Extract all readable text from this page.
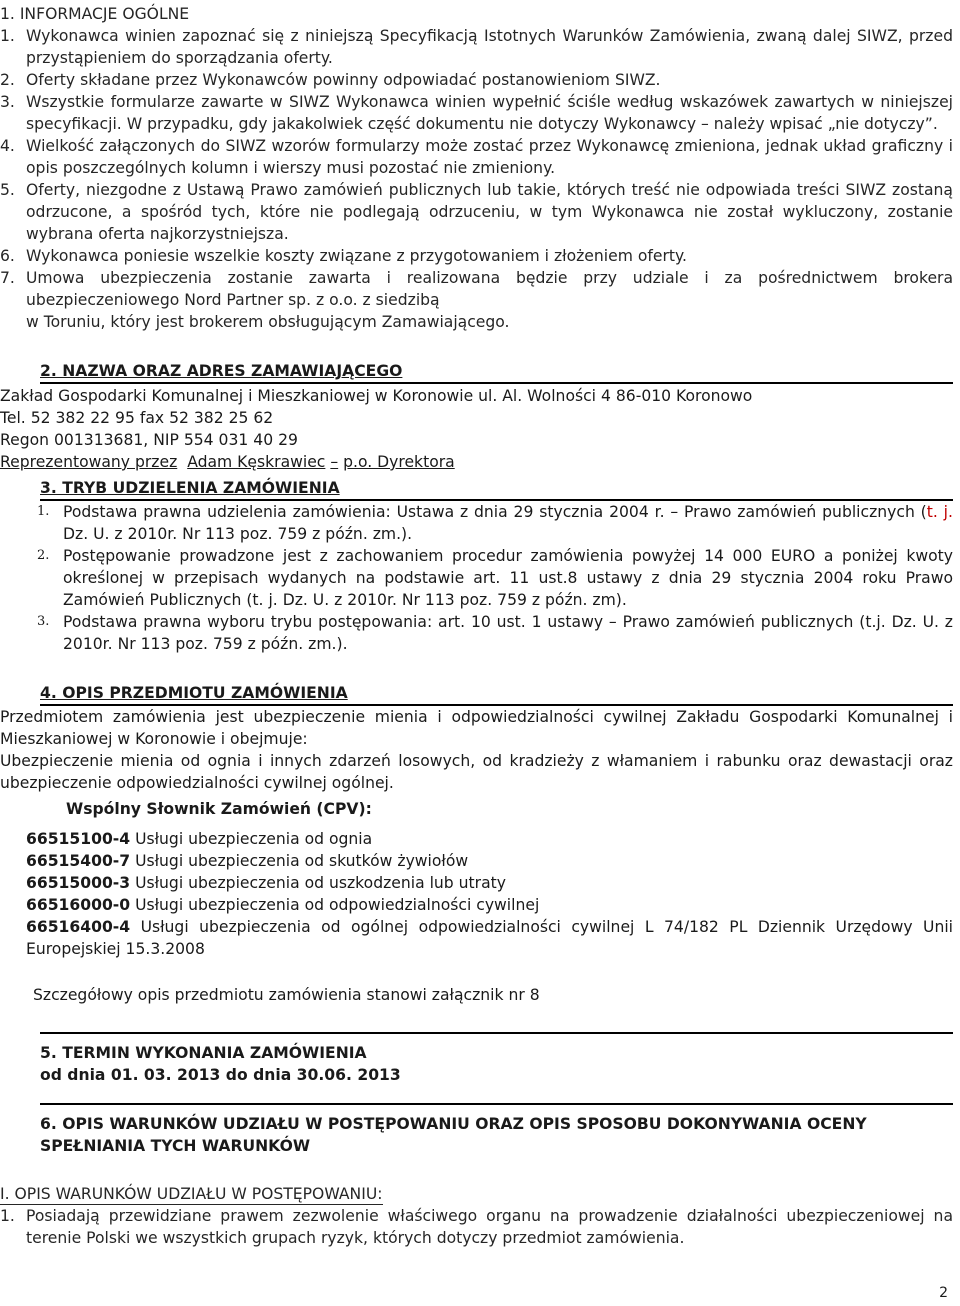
1. INFORMACJE OGÓLNE
1. Wykonawca winien zapoznać się z niniejszą Specyfikacją Istotnych Warunków Zamówienia, zwaną dalej SIWZ, przed przystąpieniem do sporządzania oferty.
2. Oferty składane przez Wykonawców powinny odpowiadać postanowieniom SIWZ.
3. Wszystkie formularze zawarte w SIWZ Wykonawca winien wypełnić ściśle według wskazówek zawartych w niniejszej specyfikacji. W przypadku, gdy jakakolwiek część dokumentu nie dotyczy Wykonawcy – należy wpisać „nie dotyczy”.
4. Wielkość załączonych do SIWZ wzorów formularzy może zostać przez Wykonawcę zmieniona, jednak układ graficzny i opis poszczególnych kolumn i wierszy musi pozostać nie zmieniony.
5. Oferty, niezgodne z Ustawą Prawo zamówień publicznych lub takie, których treść nie odpowiada treści SIWZ zostaną odrzucone, a spośród tych, które nie podlegają odrzuceniu, w tym Wykonawca nie został wykluczony, zostanie wybrana oferta najkorzystniejsza.
6. Wykonawca poniesie wszelkie koszty związane z przygotowaniem i złożeniem oferty.
7. Umowa ubezpieczenia zostanie zawarta i realizowana będzie przy udziale i za pośrednictwem brokera ubezpieczeniowego Nord Partner sp. z o.o. z siedzibą
w Toruniu, który jest brokerem obsługującym Zamawiającego.
2. NAZWA ORAZ ADRES ZAMAWIAJĄCEGO
Zakład Gospodarki Komunalnej i Mieszkaniowej w Koronowie ul. Al. Wolności 4 86-010 Koronowo
Tel. 52 382 22 95 fax 52 382 25 62
Regon 001313681, NIP 554 031 40 29
Reprezentowany przez Adam Kęskrawiec – p.o. Dyrektora
3. TRYB UDZIELENIA ZAMÓWIENIA
1. Podstawa prawna udzielenia zamówienia: Ustawa z dnia 29 stycznia 2004 r. – Prawo zamówień publicznych (t. j. Dz. U. z 2010r. Nr 113 poz. 759 z późn. zm.).
2. Postępowanie prowadzone jest z zachowaniem procedur zamówienia powyżej 14 000 EURO a poniżej kwoty określonej w przepisach wydanych na podstawie art. 11 ust.8 ustawy z dnia 29 stycznia 2004 roku Prawo Zamówień Publicznych (t. j. Dz. U. z 2010r. Nr 113 poz. 759 z późn. zm).
3. Podstawa prawna wyboru trybu postępowania: art. 10 ust. 1 ustawy – Prawo zamówień publicznych (t.j. Dz. U. z 2010r. Nr 113 poz. 759 z późn. zm.).
4. OPIS PRZEDMIOTU ZAMÓWIENIA
Przedmiotem zamówienia jest ubezpieczenie mienia i odpowiedzialności cywilnej Zakładu Gospodarki Komunalnej i Mieszkaniowej w Koronowie i obejmuje:
Ubezpieczenie mienia od ognia i innych zdarzeń losowych, od kradzieży z włamaniem i rabunku oraz dewastacji oraz ubezpieczenie odpowiedzialności cywilnej ogólnej.
Wspólny Słownik Zamówień (CPV):
66515100-4 Usługi ubezpieczenia od ognia
66515400-7 Usługi ubezpieczenia od skutków żywiołów
66515000-3 Usługi ubezpieczenia od uszkodzenia lub utraty
66516000-0 Usługi ubezpieczenia od odpowiedzialności cywilnej
66516400-4 Usługi ubezpieczenia od ogólnej odpowiedzialności cywilnej L 74/182 PL Dziennik Urzędowy Unii Europejskiej 15.3.2008
Szczegółowy opis przedmiotu zamówienia stanowi załącznik nr 8
5. TERMIN WYKONANIA ZAMÓWIENIA
od dnia 01. 03. 2013 do dnia 30.06. 2013
6. OPIS WARUNKÓW UDZIAŁU W POSTĘPOWANIU ORAZ OPIS SPOSOBU DOKONYWANIA OCENY SPEŁNIANIA TYCH WARUNKÓW
I. OPIS WARUNKÓW UDZIAŁU W POSTĘPOWANIU:
1. Posiadają przewidziane prawem zezwolenie właściwego organu na prowadzenie działalności ubezpieczeniowej na terenie Polski we wszystkich grupach ryzyk, których dotyczy przedmiot zamówienia.
2
